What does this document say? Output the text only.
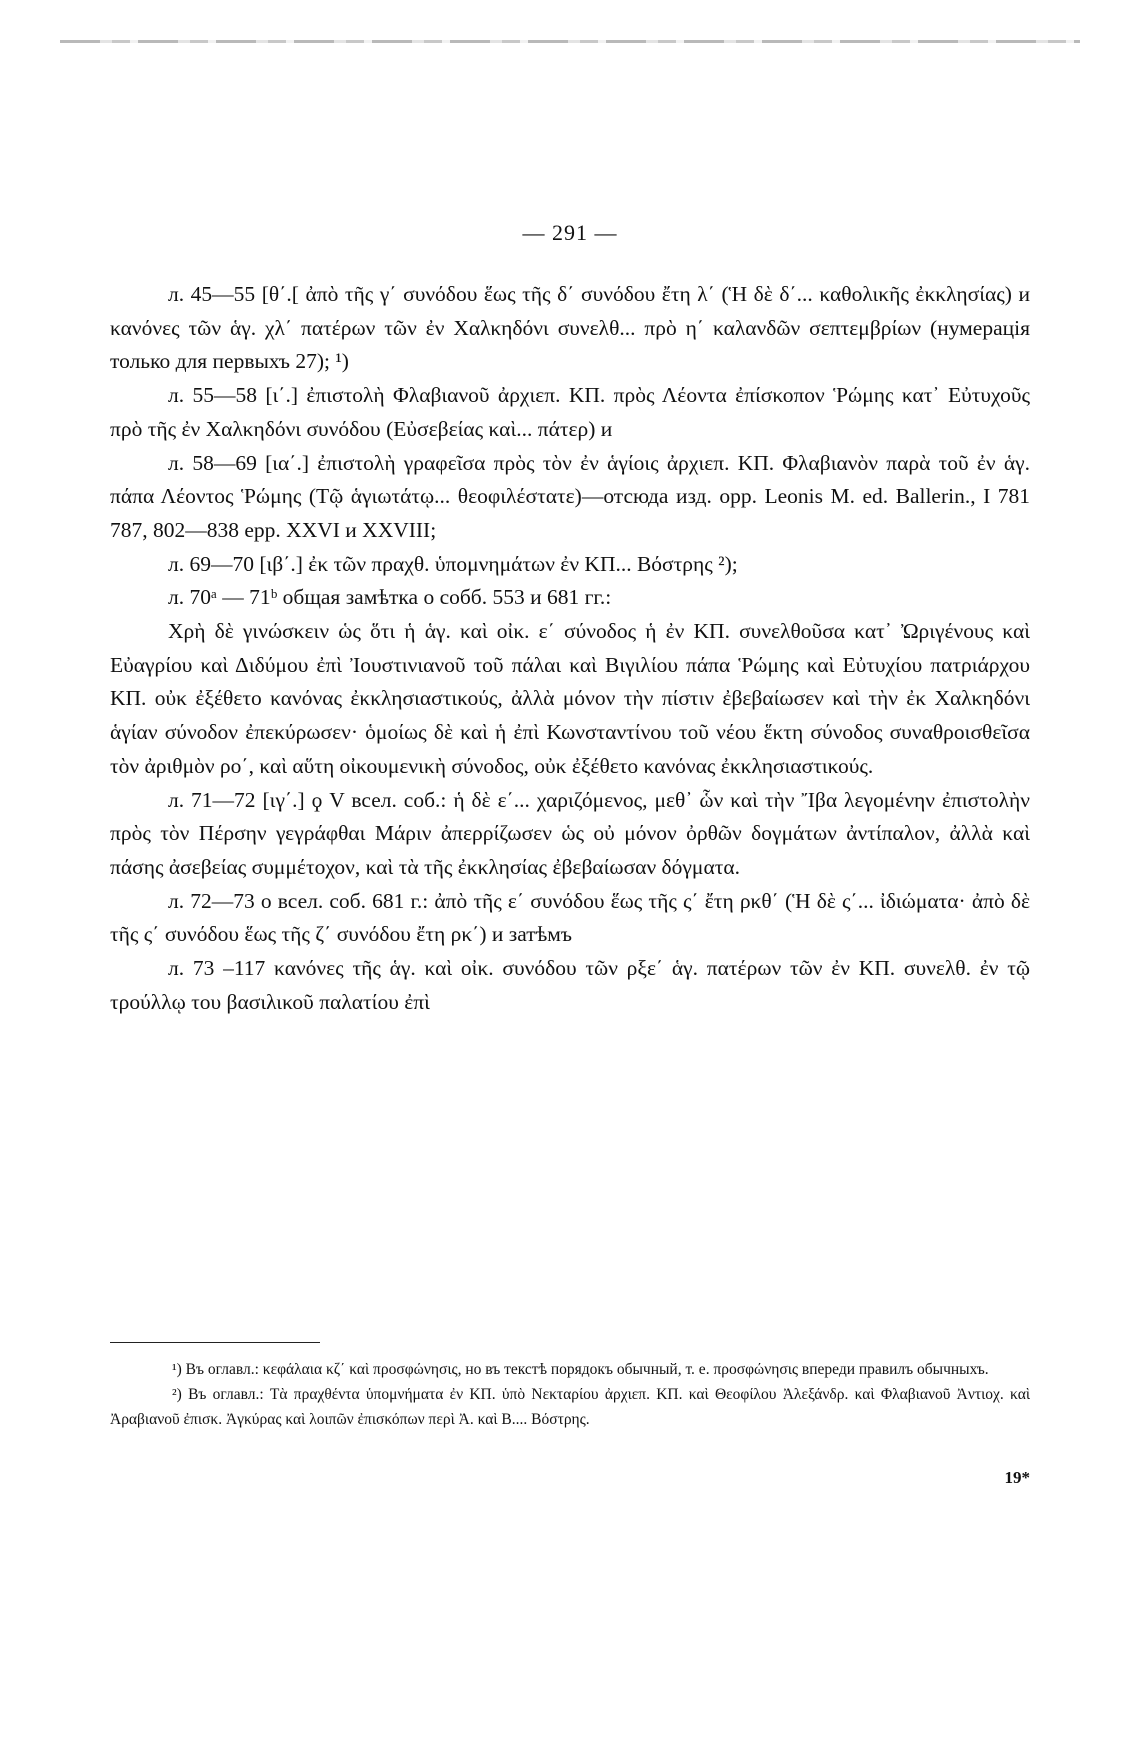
— 291 —

л. 45—55 [θ΄.[ ἀπὸ τῆς γ΄ συνόδου ἕως τῆς δ΄ συνόδου ἔτη λ΄ (Ἡ δὲ δ΄... καθολικῆς ἐκκλησίας) и κανόνες τῶν ἁγ. χλ΄ πατέρων τῶν ἐν Χαλκηδόνι συνελθ... πρὸ η΄ καλανδῶν σεπτεμβρίων (нумерація только для первыхъ 27); ¹)

л. 55—58 [ι΄.] ἐπιστολὴ Φλαβιανοῦ ἀρχιεπ. ΚΠ. πρὸς Λέοντα ἐπίσκοπον Ῥώμης κατ᾽ Εὐτυχοῦς πρὸ τῆς ἐν Χαλκηδόνι συνόδου (Εὐσεβείας καὶ... πάτερ) и

л. 58—69 [ια΄.] ἐπιστολὴ γραφεῖσα πρὸς τὸν ἐν ἁγίοις ἀρχιεπ. ΚΠ. Φλαβιανὸν παρὰ τοῦ ἐν ἁγ. πάπα Λέοντος Ῥώμης (Τῷ ἁγιωτάτῳ... θεοφιλέστατε)—отсюда изд. opp. Leonis M. ed. Ballerin., I 781 787, 802—838 epp. XXVI и XXVIII;

л. 69—70 [ιβ΄.] ἐκ τῶν πραχθ. ὑπομνημάτων ἐν ΚΠ... Βόστρης ²);

л. 70ᵃ — 71ᵇ общая замѣтка о собб. 553 и 681 гг.:

Χρὴ δὲ γινώσκειν ὡς ὅτι ἡ ἁγ. καὶ οἰκ. ε΄ σύνοδος ἡ ἐν ΚΠ. συνελθοῦσα κατ᾽ Ὠριγένους καὶ Εὐαγρίου καὶ Διδύμου ἐπὶ Ἰουστινιανοῦ τοῦ πάλαι καὶ Βιγιλίου πάπα Ῥώμης καὶ Εὐτυχίου πατριάρχου ΚΠ. οὐκ ἐξέθετο κανόνας ἐκκλησιαστικούς, ἀλλὰ μόνον τὴν πίστιν ἐβεβαίωσεν καὶ τὴν ἐκ Χαλκηδόνι ἁγίαν σύνοδον ἐπεκύρωσεν· ὁμοίως δὲ καὶ ἡ ἐπὶ Κωνσταντίνου τοῦ νέου ἕκτη σύνοδος συναθροισθεῖσα τὸν ἀριθμὸν ρο΄, καὶ αὕτη οἰκουμενικὴ σύνοδος, οὐκ ἐξέθετο κανόνας ἐκκλησιαστικούς.

л. 71—72 [ιγ΄.] ϙ V всел. соб.: ἡ δὲ ε΄... χαριζόμενος, μεθ᾽ ὧν καὶ τὴν Ἴβα λεγομένην ἐπιστολὴν πρὸς τὸν Πέρσην γεγράφθαι Μάριν ἀπερρίζωσεν ὡς οὐ μόνον ὀρθῶν δογμάτων ἀντίπαλον, ἀλλὰ καὶ πάσης ἀσεβείας συμμέτοχον, καὶ τὰ τῆς ἐκκλησίας ἐβεβαίωσαν δόγματα.

л. 72—73 о всел. соб. 681 г.: ἀπὸ τῆς ε΄ συνόδου ἕως τῆς ς΄ ἔτη ρκθ΄ (Ἡ δὲ ς΄... ἰδιώματα· ἀπὸ δὲ τῆς ς΄ συνόδου ἕως τῆς ζ΄ συνόδου ἔτη ρκ΄) и затѣмъ

л. 73 –117 κανόνες τῆς ἁγ. καὶ οἰκ. συνόδου τῶν ρξε΄ ἁγ. πατέρων τῶν ἐν ΚΠ. συνελθ. ἐν τῷ τρούλλῳ του βασιλικοῦ παλατίου ἐπὶ

¹) Въ оглавл.: κεφάλαια κζ΄ καὶ προσφώνησις, но въ текстѣ порядокъ обычный, т. е. προσφώνησις впереди правилъ обычныхъ.

²) Въ оглавл.: Τὰ πραχθέντα ὑπομνήματα ἐν ΚΠ. ὑπὸ Νεκταρίου ἀρχιεπ. ΚΠ. καὶ Θεοφίλου Ἀλεξάνδρ. καὶ Φλαβιανοῦ Ἀντιοχ. καὶ Ἀραβιανοῦ ἐπισκ. Ἀγκύρας καὶ λοιπῶν ἐπισκόπων περὶ Ἀ. καὶ Β.... Βόστρης.

19*
